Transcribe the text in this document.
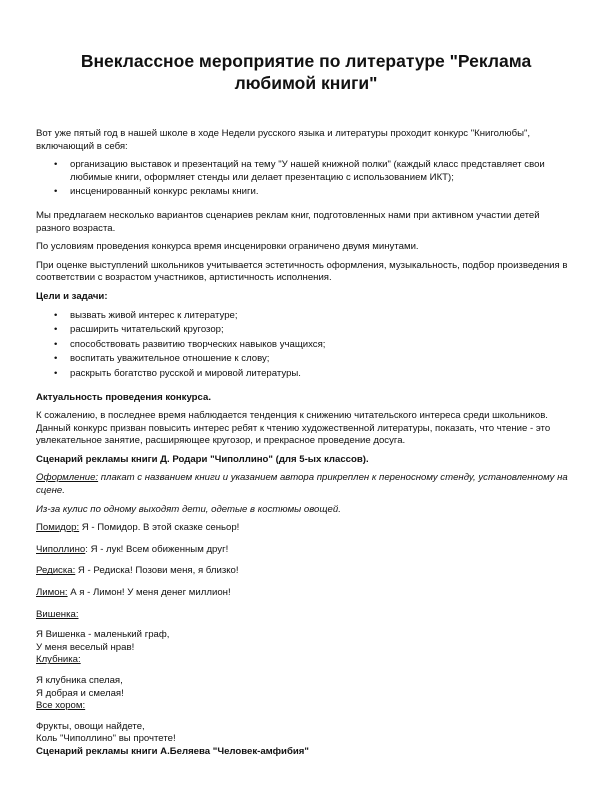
Внеклассное мероприятие по литературе "Реклама
любимой книги"

Вот уже пятый год в нашей школе в ходе Недели русского языка и литературы проходит конкурс "Книголюбы", включающий в себя:

• организацию выставок и презентаций на тему "У нашей книжной полки" (каждый класс представляет свои любимые книги, оформляет стенды или делает презентацию с использованием ИКТ);
• инсценированный конкурс рекламы книги.

Мы предлагаем несколько вариантов сценариев реклам книг, подготовленных нами при активном участии детей разного возраста.

По условиям проведения конкурса время инсценировки ограничено двумя минутами.

При оценке выступлений школьников учитывается эстетичность оформления, музыкальность, подбор произведения в соответствии с возрастом участников, артистичность исполнения.

Цели и задачи:

• вызвать живой интерес к литературе;
• расширить читательский кругозор;
• способствовать развитию творческих навыков учащихся;
• воспитать уважительное отношение к слову;
• раскрыть богатство русской и мировой литературы.

Актуальность проведения конкурса.

К сожалению, в последнее время наблюдается тенденция к снижению читательского интереса среди школьников. Данный конкурс призван повысить интерес ребят к чтению художественной литературы, показать, что чтение - это увлекательное занятие, расширяющее кругозор, и прекрасное проведение досуга.

Сценарий рекламы книги Д. Родари "Чиполлино" (для 5-ых классов).

Оформление: плакат с названием книги и указанием автора прикреплен к переносному стенду, установленному на сцене.

Из-за кулис по одному выходят дети, одетые в костюмы овощей.

Помидор: Я - Помидор. В этой сказке сеньор!

Чиполлино: Я - лук! Всем обиженным друг!

Редиска: Я - Редиска! Позови меня, я близко!

Лимон: А я - Лимон! У меня денег миллион!

Вишенка:
Я Вишенка - маленький граф,
У меня веселый нрав!
Клубника:
Я клубника спелая,
Я добрая и смелая!
Все хором:
Фрукты, овощи найдете,
Коль "Чиполлино" вы прочтете!
Сценарий рекламы книги А.Беляева "Человек-амфибия"
